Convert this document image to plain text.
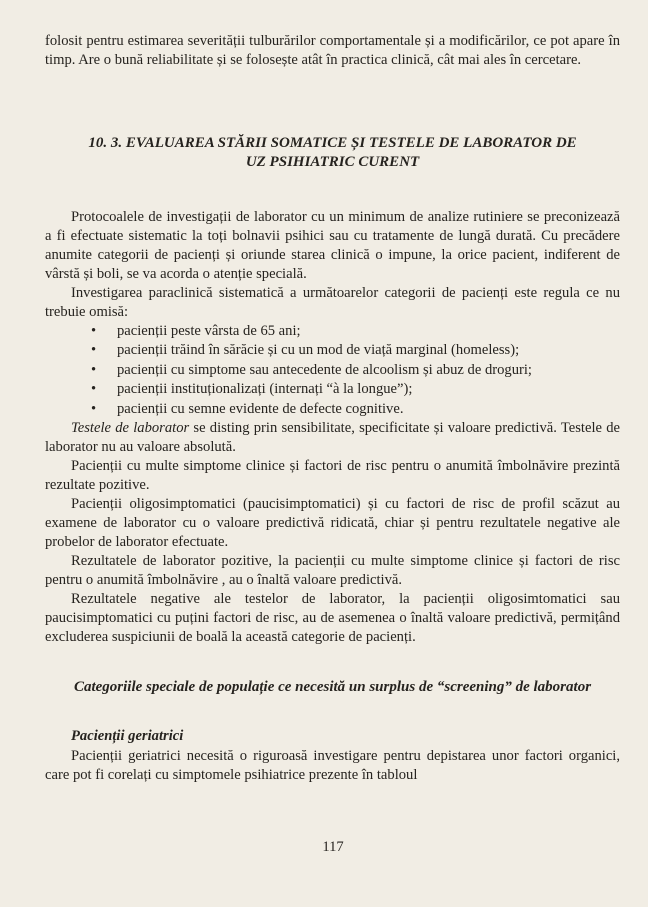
folosit pentru estimarea severității tulburărilor comportamentale și a modificărilor, ce pot apare în timp. Are o bună reliabilitate și se folosește atât în practica clinică, cât mai ales în cercetare.

10. 3. EVALUAREA STĂRII SOMATICE ȘI TESTELE DE LABORATOR DE UZ PSIHIATRIC CURENT

Protocoalele de investigații de laborator cu un minimum de analize rutiniere se preconizează a fi efectuate sistematic la toți bolnavii psihici sau cu tratamente de lungă durată. Cu precădere anumite categorii de pacienți și oriunde starea clinică o impune, la orice pacient, indiferent de vârstă și boli, se va acorda o atenție specială.

Investigarea paraclinică sistematică a următoarelor categorii de pacienți este regula ce nu trebuie omisă:

• pacienții peste vârsta de 65 ani;
• pacienții trăind în sărăcie și cu un mod de viață marginal (homeless);
• pacienții cu simptome sau antecedente de alcoolism și abuz de droguri;
• pacienții instituționalizați (internați “à la longue”);
• pacienții cu semne evidente de defecte cognitive.

Testele de laborator se disting prin sensibilitate, specificitate și valoare predictivă. Testele de laborator nu au valoare absolută.

Pacienții cu multe simptome clinice și factori de risc pentru o anumită îmbolnăvire prezintă rezultate pozitive.

Pacienții oligosimptomatici (paucisimptomatici) și cu factori de risc de profil scăzut au examene de laborator cu o valoare predictivă ridicată, chiar și pentru rezultatele negative ale probelor de laborator efectuate.

Rezultatele de laborator pozitive, la pacienții cu multe simptome clinice și factori de risc pentru o anumită îmbolnăvire , au o înaltă valoare predictivă.

Rezultatele negative ale testelor de laborator, la pacienții oligosimtomatici sau paucisimptomatici cu puțini factori de risc, au de asemenea o înaltă valoare predictivă, permițând excluderea suspiciunii de boală la această categorie de pacienți.

Categoriile speciale de populație ce necesită un surplus de “screening” de laborator

Pacienții geriatrici

Pacienții geriatrici necesită o riguroasă investigare pentru depistarea unor factori organici, care pot fi corelați cu simptomele psihiatrice prezente în tabloul

117
